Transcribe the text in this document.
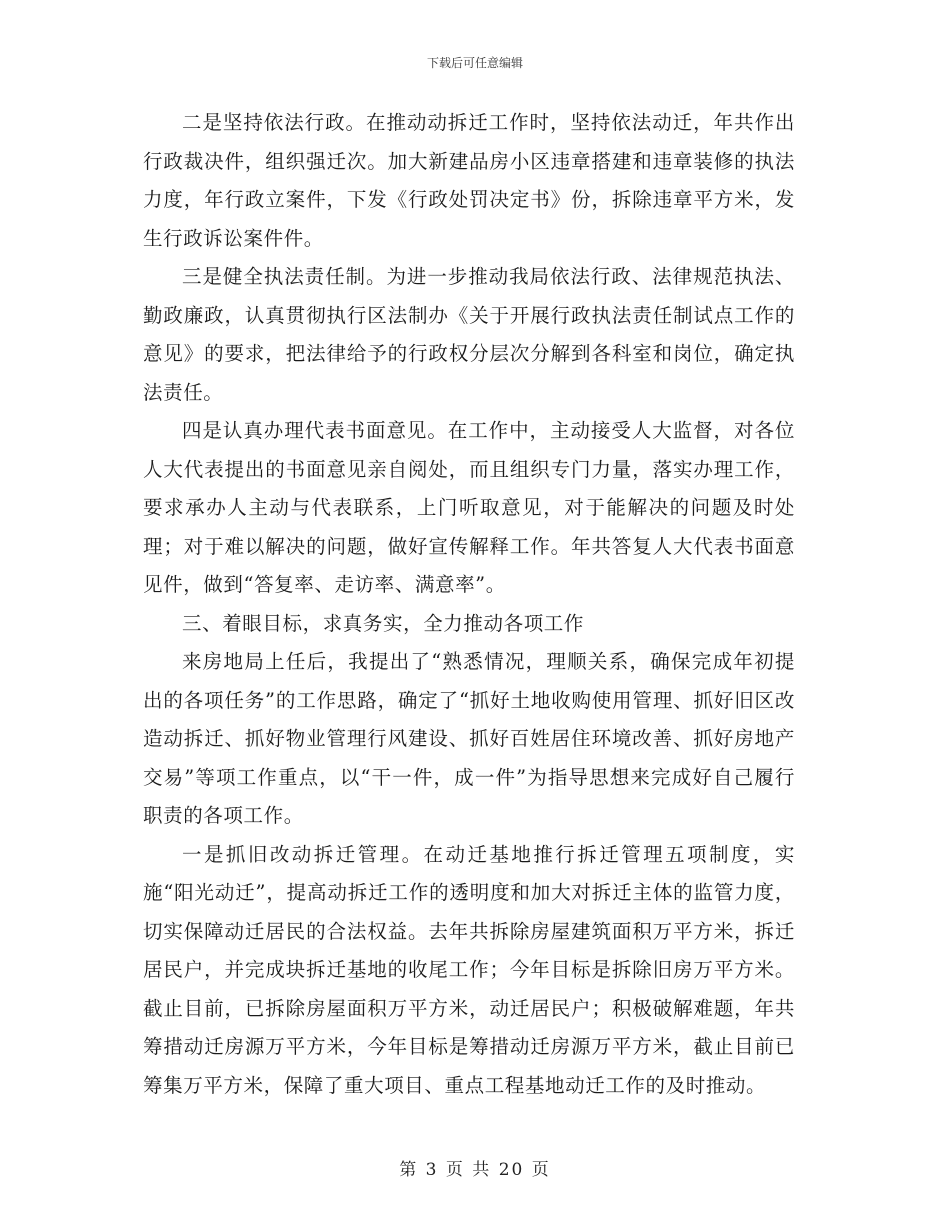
下载后可任意编辑

二是坚持依法行政。在推动动拆迁工作时，坚持依法动迁，年共作出行政裁决件，组织强迁次。加大新建品房小区违章搭建和违章装修的执法力度，年行政立案件，下发《行政处罚决定书》份，拆除违章平方米，发生行政诉讼案件件。

三是健全执法责任制。为进一步推动我局依法行政、法律规范执法、勤政廉政，认真贯彻执行区法制办《关于开展行政执法责任制试点工作的意见》的要求，把法律给予的行政权分层次分解到各科室和岗位，确定执法责任。

四是认真办理代表书面意见。在工作中，主动接受人大监督，对各位人大代表提出的书面意见亲自阅处，而且组织专门力量，落实办理工作，要求承办人主动与代表联系，上门听取意见，对于能解决的问题及时处理；对于难以解决的问题，做好宣传解释工作。年共答复人大代表书面意见件，做到“答复率、走访率、满意率”。

三、着眼目标，求真务实，全力推动各项工作

来房地局上任后，我提出了“熟悉情况，理顺关系，确保完成年初提出的各项任务”的工作思路，确定了“抓好土地收购使用管理、抓好旧区改造动拆迁、抓好物业管理行风建设、抓好百姓居住环境改善、抓好房地产交易”等项工作重点，以“干一件，成一件”为指导思想来完成好自己履行职责的各项工作。

一是抓旧改动拆迁管理。在动迁基地推行拆迁管理五项制度，实施“阳光动迁”，提高动拆迁工作的透明度和加大对拆迁主体的监管力度，切实保障动迁居民的合法权益。去年共拆除房屋建筑面积万平方米，拆迁居民户，并完成块拆迁基地的收尾工作；今年目标是拆除旧房万平方米。截止目前，已拆除房屋面积万平方米，动迁居民户；积极破解难题，年共筹措动迁房源万平方米，今年目标是筹措动迁房源万平方米，截止目前已筹集万平方米，保障了重大项目、重点工程基地动迁工作的及时推动。

第 3 页 共 20 页
